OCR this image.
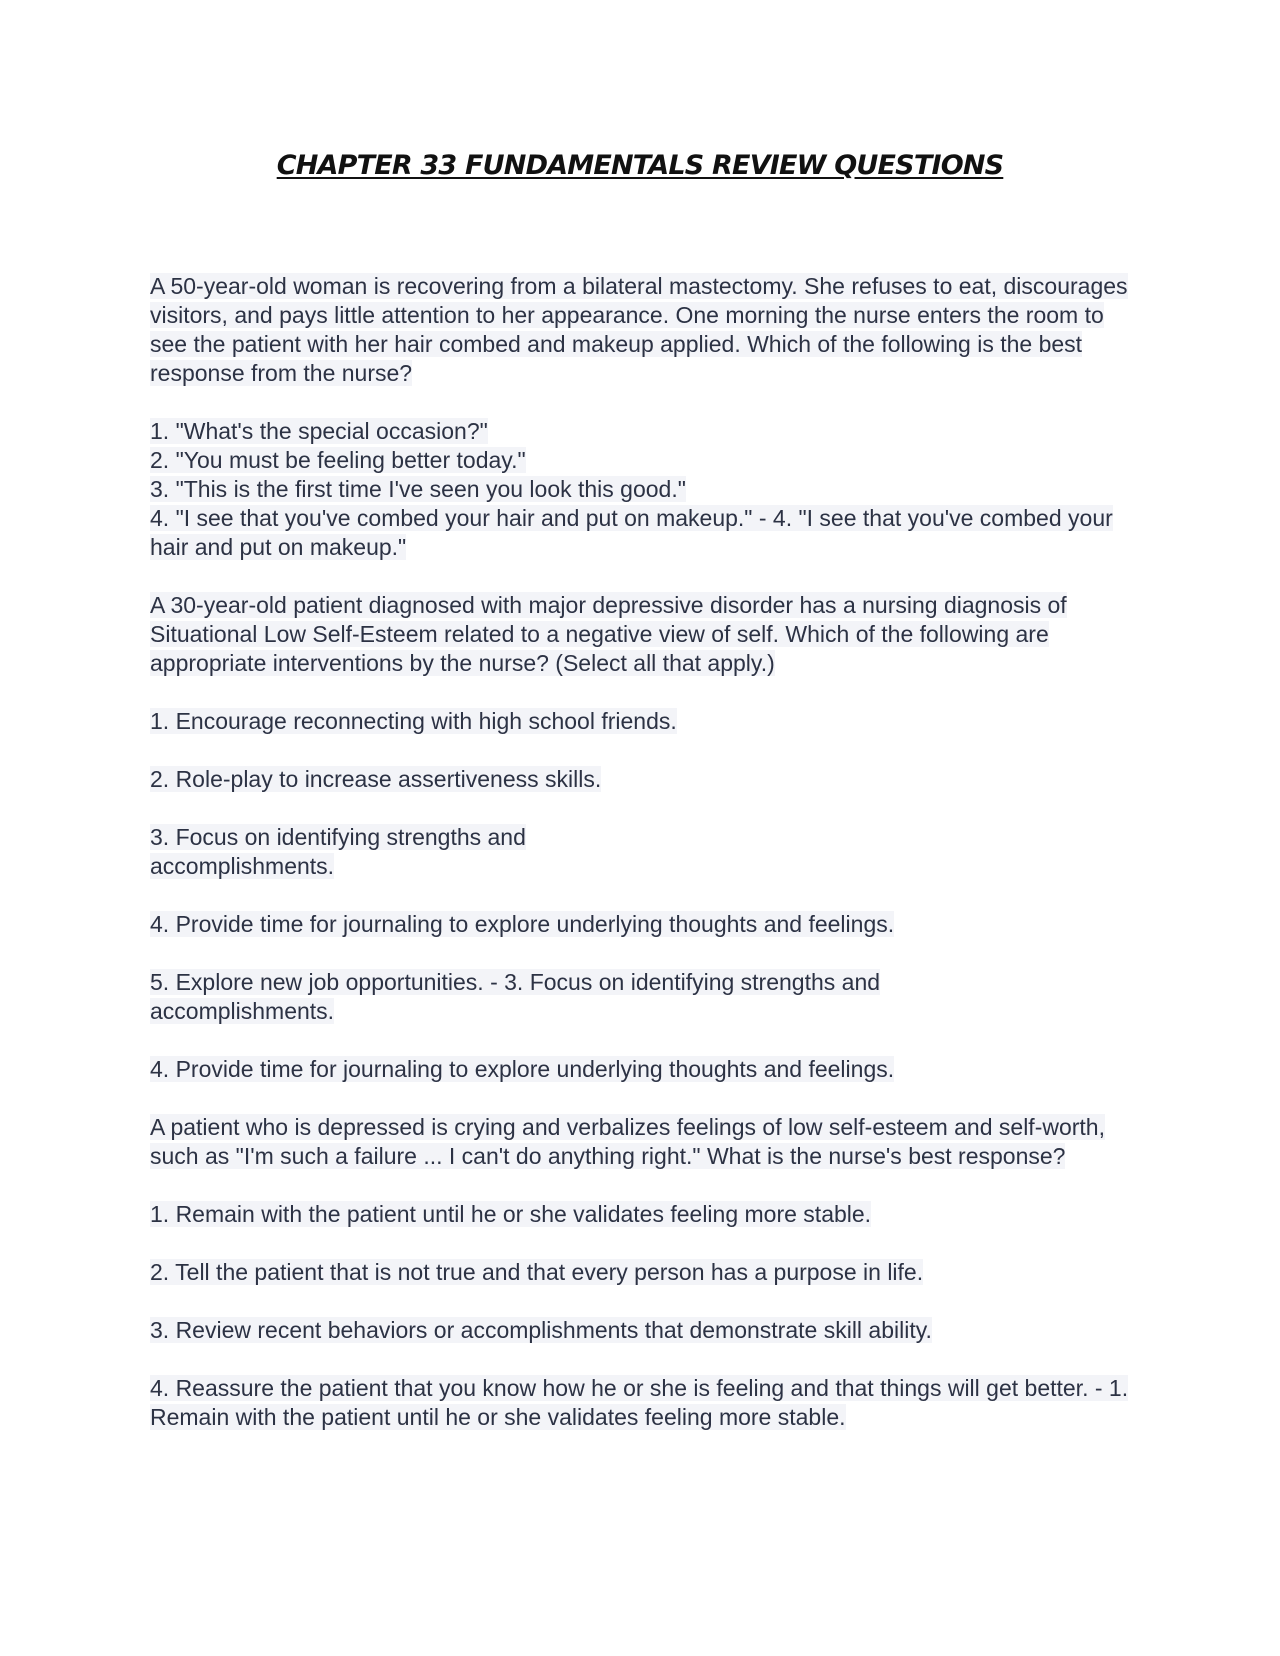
CHAPTER 33 FUNDAMENTALS REVIEW QUESTIONS
A 50-year-old woman is recovering from a bilateral mastectomy. She refuses to eat, discourages visitors, and pays little attention to her appearance. One morning the nurse enters the room to see the patient with her hair combed and makeup applied. Which of the following is the best response from the nurse?
1. "What's the special occasion?"
2. "You must be feeling better today."
3. "This is the first time I've seen you look this good."
4. "I see that you've combed your hair and put on makeup." - 4. "I see that you've combed your hair and put on makeup."
A 30-year-old patient diagnosed with major depressive disorder has a nursing diagnosis of Situational Low Self-Esteem related to a negative view of self. Which of the following are appropriate interventions by the nurse? (Select all that apply.)
1. Encourage reconnecting with high school friends.
2. Role-play to increase assertiveness skills.
3. Focus on identifying strengths and accomplishments.
4. Provide time for journaling to explore underlying thoughts and feelings.
5. Explore new job opportunities. - 3. Focus on identifying strengths and accomplishments.
4. Provide time for journaling to explore underlying thoughts and feelings.
A patient who is depressed is crying and verbalizes feelings of low self-esteem and self-worth, such as "I'm such a failure ... I can't do anything right." What is the nurse's best response?
1. Remain with the patient until he or she validates feeling more stable.
2. Tell the patient that is not true and that every person has a purpose in life.
3. Review recent behaviors or accomplishments that demonstrate skill ability.
4. Reassure the patient that you know how he or she is feeling and that things will get better. - 1. Remain with the patient until he or she validates feeling more stable.
